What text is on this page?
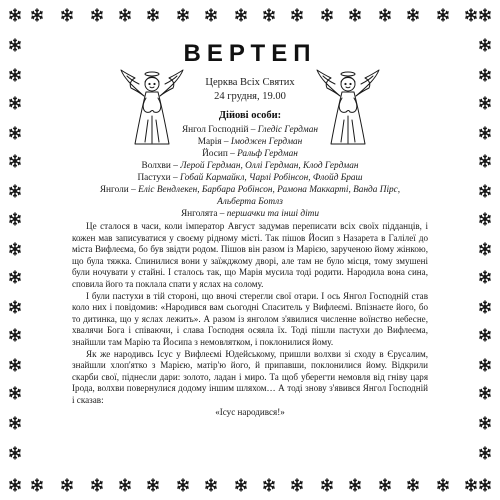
ВЕРТЕП
Церква Всіх Святих
24 грудня, 19.00
Дійові особи:
Янгол Господній – Гледіс Гердман
Марія – Імоджен Гердман
Йосип – Ральф Гердман
Волхви – Лерой Гердман, Оллі Гердман, Клод Гердман
Пастухи – Гобай Кармайкл, Чарлі Робінсон, Флойд Браш
Янголи – Еліс Вендлекен, Барбара Робінсон, Рамона Маккарті, Ванда Пірс, Альберта Ботлз
Янголята – першачки та інші діти

Це сталося в часи, коли імператор Август задумав переписати всіх своїх підданців, і кожен мав записуватися у своєму рідному місті. Так пішов Йосип з Назарета в Галілеї до міста Вифлеєма, бо був звідти родом. Пішов він разом із Марією, зарученою йому жінкою, що була тяжка. Спинилися вони у заїжджому дворі, але там не було місця, тому змушені були ночувати у стайні. І сталось так, що Марія мусила тоді родити. Народила вона сина, сповила його та поклала спати у яслах на солому.

І були пастухи в тій стороні, що вночі стерегли свої отари. І ось Янгол Господній став коло них і повідомив: «Народився вам сьогодні Спаситель у Вифлеємі. Впізнаєте його, бо то дитинка, що у яслах лежить». А разом із янголом з'явилися численне воїнство небесне, хвалячи Бога і співаючи, і слава Господня осяяла їх. Тоді пішли пастухи до Вифлеєма, знайшли там Марію та Йосипа з немовлятком, і поклонилися йому.

Як же народивсь Ісус у Вифлеємі Юдейському, пришли волхви зі сходу в Єрусалим, знайшли хлоп'ятко з Марією, матір'ю його, й припавши, поклонилися йому. Відкрили скарби свої, піднесли дари: золото, ладан і миро. Та щоб уберегти немовля від гніву царя Ірода, волхви повернулися додому іншим шляхом… А тоді знову з'явився Янгол Господній і сказав:

«Ісус народився!»
